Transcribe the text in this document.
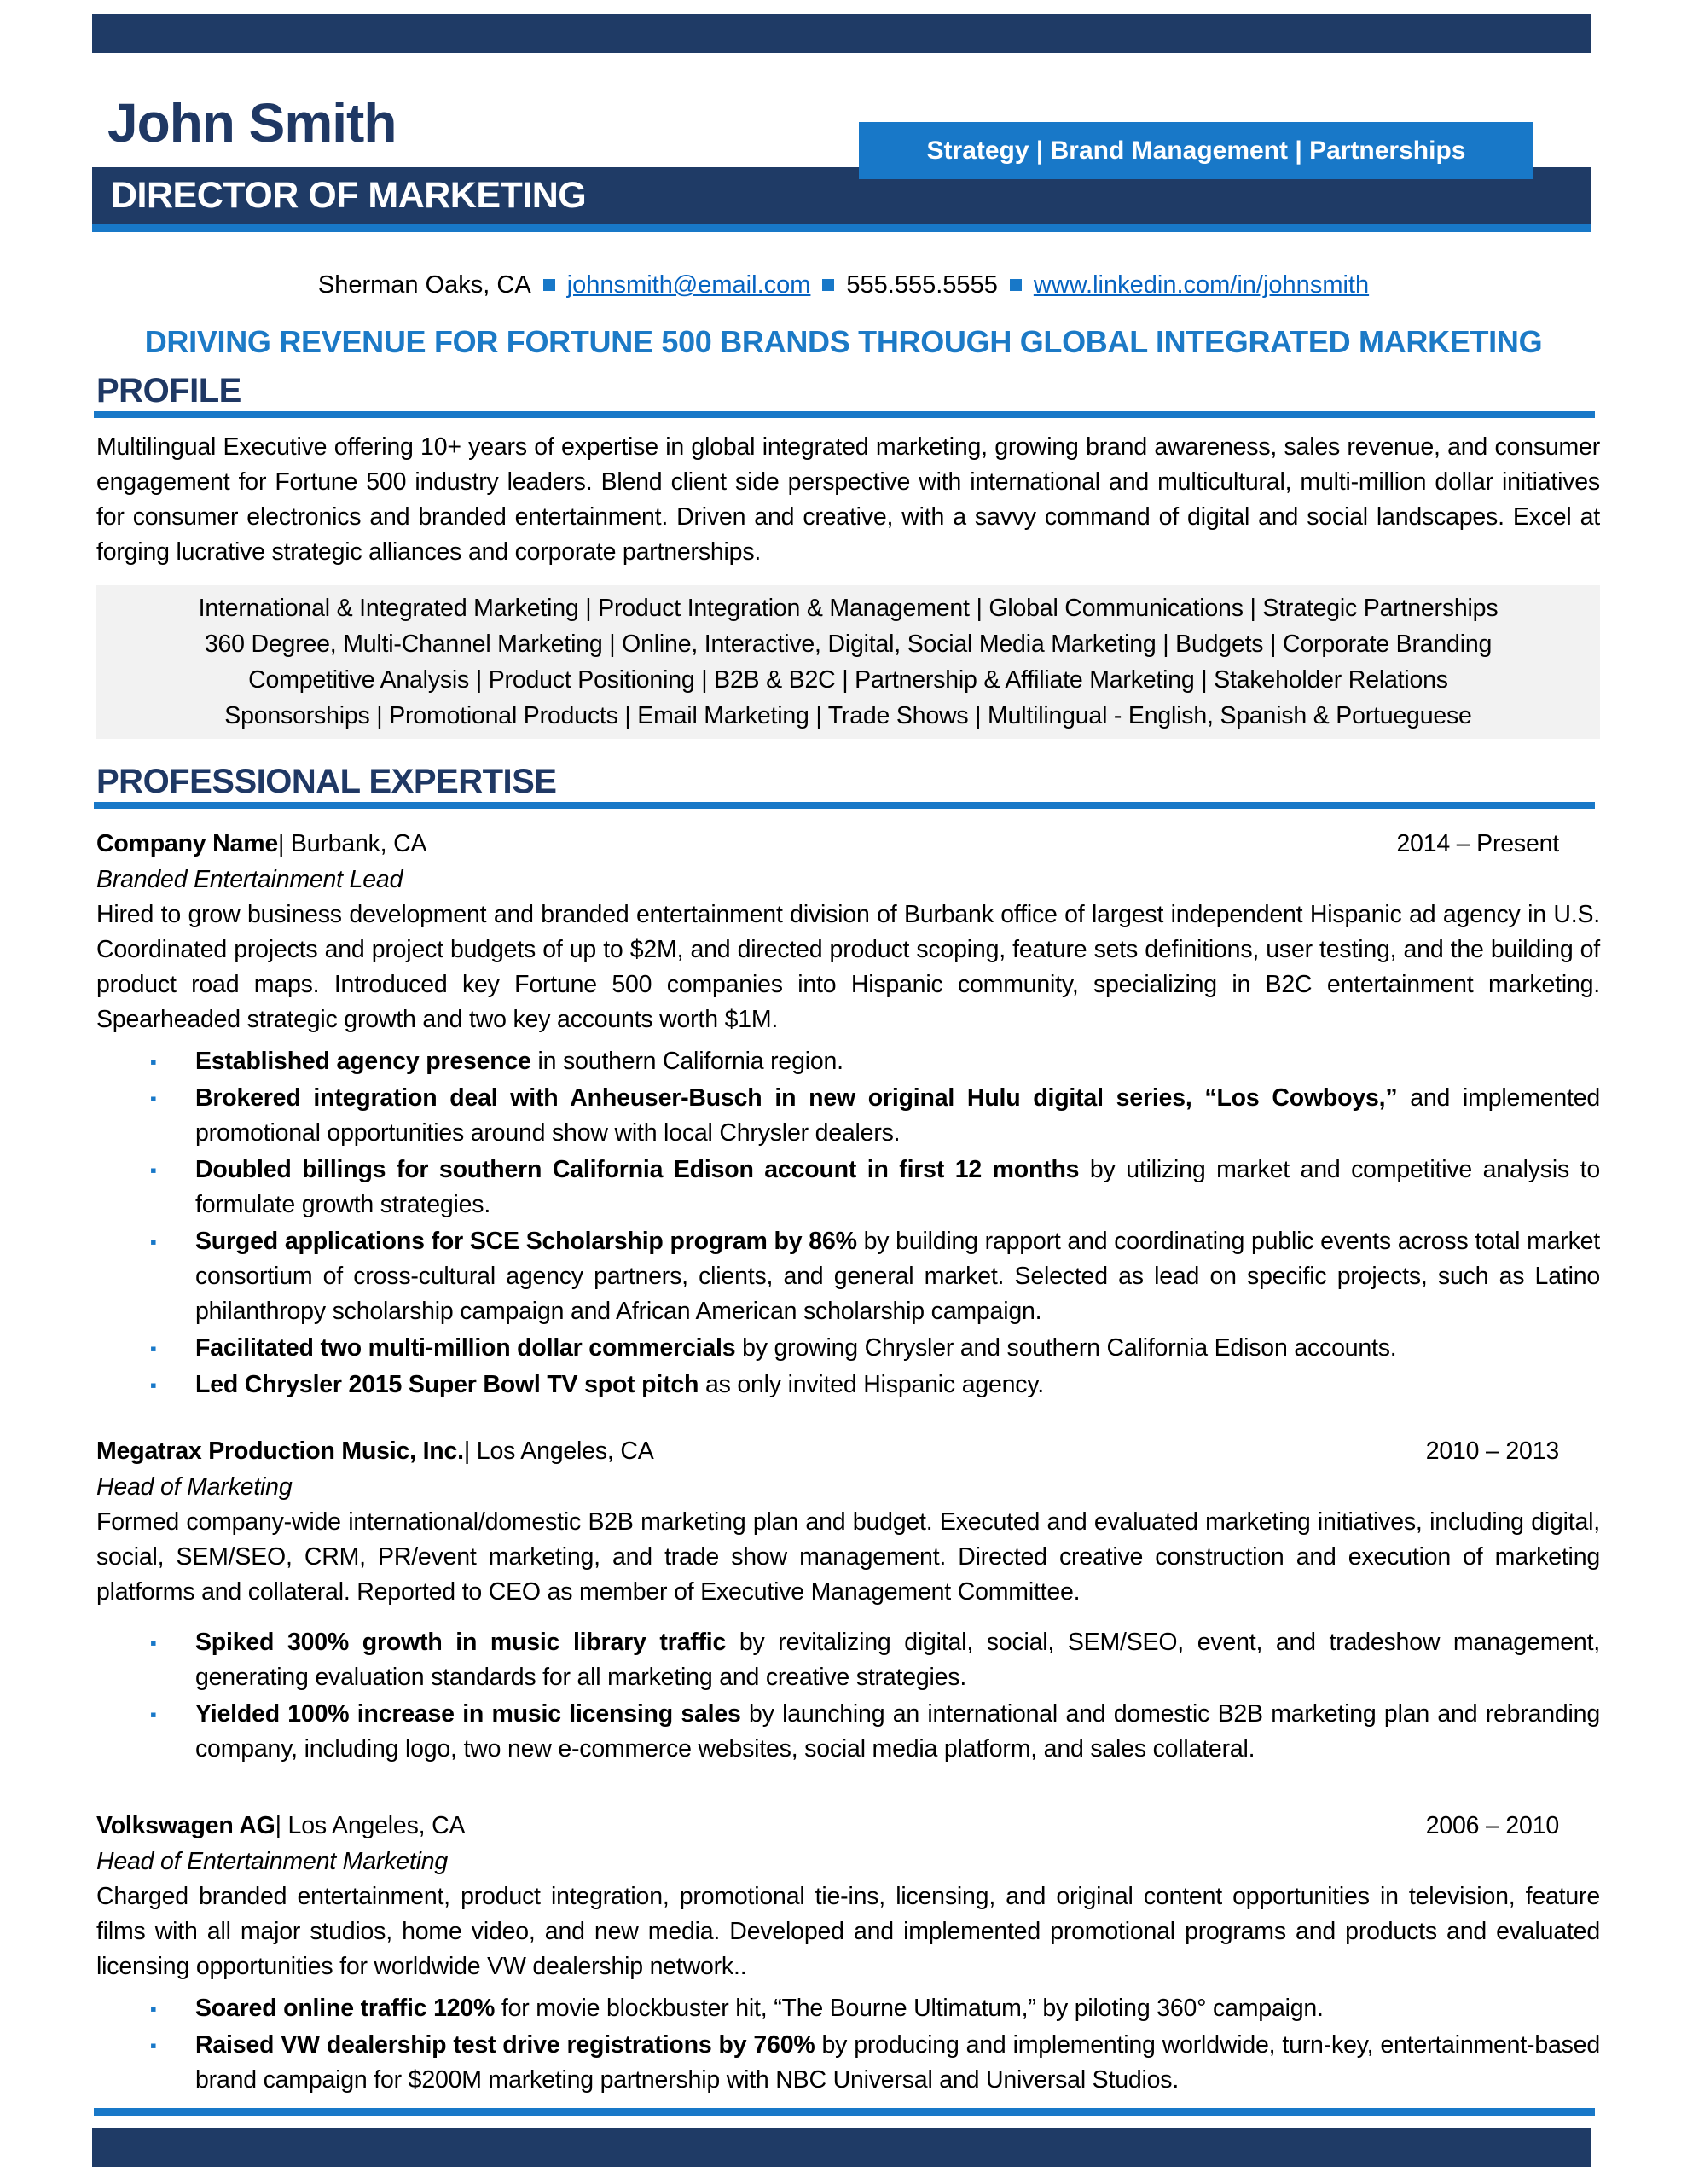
John Smith	Strategy | Brand Management | Partnerships
DIRECTOR OF MARKETING
Sherman Oaks, CA johnsmith@email.com 555.555.5555 www.linkedin.com/in/johnsmith
DRIVING REVENUE FOR FORTUNE 500 BRANDS THROUGH GLOBAL INTEGRATED MARKETING
PROFILE

Multilingual Executive offering 10+ years of expertise in global integrated marketing, growing brand awareness, sales revenue, and consumer engagement for Fortune 500 industry leaders. Blend client side perspective with international and multicultural, multi-million dollar initiatives for consumer electronics and branded entertainment. Driven and creative, with a savvy command of digital and social landscapes. Excel at forging lucrative strategic alliances and corporate partnerships.

International & Integrated Marketing | Product Integration & Management | Global Communications | Strategic Partnerships
360 Degree, Multi-Channel Marketing | Online, Interactive, Digital, Social Media Marketing | Budgets | Corporate Branding
Competitive Analysis | Product Positioning | B2B & B2C | Partnership & Affiliate Marketing | Stakeholder Relations
Sponsorships | Promotional Products | Email Marketing | Trade Shows | Multilingual - English, Spanish & Portueguese
PROFESSIONAL EXPERTISE
Company Name | Burbank, CA	2014 – Present
Branded Entertainment Lead

Hired to grow business development and branded entertainment division of Burbank office of largest independent Hispanic ad agency in U.S. Coordinated projects and project budgets of up to $2M, and directed product scoping, feature sets definitions, user testing, and the building of product road maps. Introduced key Fortune 500 companies into Hispanic community, specializing in B2C entertainment marketing. Spearheaded strategic growth and two key accounts worth $1M.

▪	Established agency presence in southern California region.

▪	Brokered integration deal with Anheuser-Busch in new original Hulu digital series, “Los Cowboys,” and implemented promotional opportunities around show with local Chrysler dealers.

▪	Doubled billings for southern California Edison account in first 12 months by utilizing market and competitive analysis to formulate growth strategies.

▪	Surged applications for SCE Scholarship program by 86% by building rapport and coordinating public events across total market consortium of cross-cultural agency partners, clients, and general market. Selected as lead on specific projects, such as Latino philanthropy scholarship campaign and African American scholarship campaign.

▪	Facilitated two multi-million dollar commercials by growing Chrysler and southern California Edison accounts.

▪	Led Chrysler 2015 Super Bowl TV spot pitch as only invited Hispanic agency.

Megatrax Production Music, Inc. | Los Angeles, CA	2010 – 2013
Head of Marketing

Formed company-wide international/domestic B2B marketing plan and budget. Executed and evaluated marketing initiatives, including digital, social, SEM/SEO, CRM, PR/event marketing, and trade show management. Directed creative construction and execution of marketing platforms and collateral. Reported to CEO as member of Executive Management Committee.

▪	Spiked 300% growth in music library traffic by revitalizing digital, social, SEM/SEO, event, and tradeshow management, generating evaluation standards for all marketing and creative strategies.

▪	Yielded 100% increase in music licensing sales by launching an international and domestic B2B marketing plan and rebranding company, including logo, two new e-commerce websites, social media platform, and sales collateral.

Volkswagen AG | Los Angeles, CA	2006 – 2010
Head of Entertainment Marketing

Charged branded entertainment, product integration, promotional tie-ins, licensing, and original content opportunities in television, feature films with all major studios, home video, and new media. Developed and implemented promotional programs and products and evaluated licensing opportunities for worldwide VW dealership network..

▪	Soared online traffic 120% for movie blockbuster hit, “The Bourne Ultimatum,” by piloting 360° campaign.

▪	Raised VW dealership test drive registrations by 760% by producing and implementing worldwide, turn-key, entertainment-based brand campaign for $200M marketing partnership with NBC Universal and Universal Studios.
